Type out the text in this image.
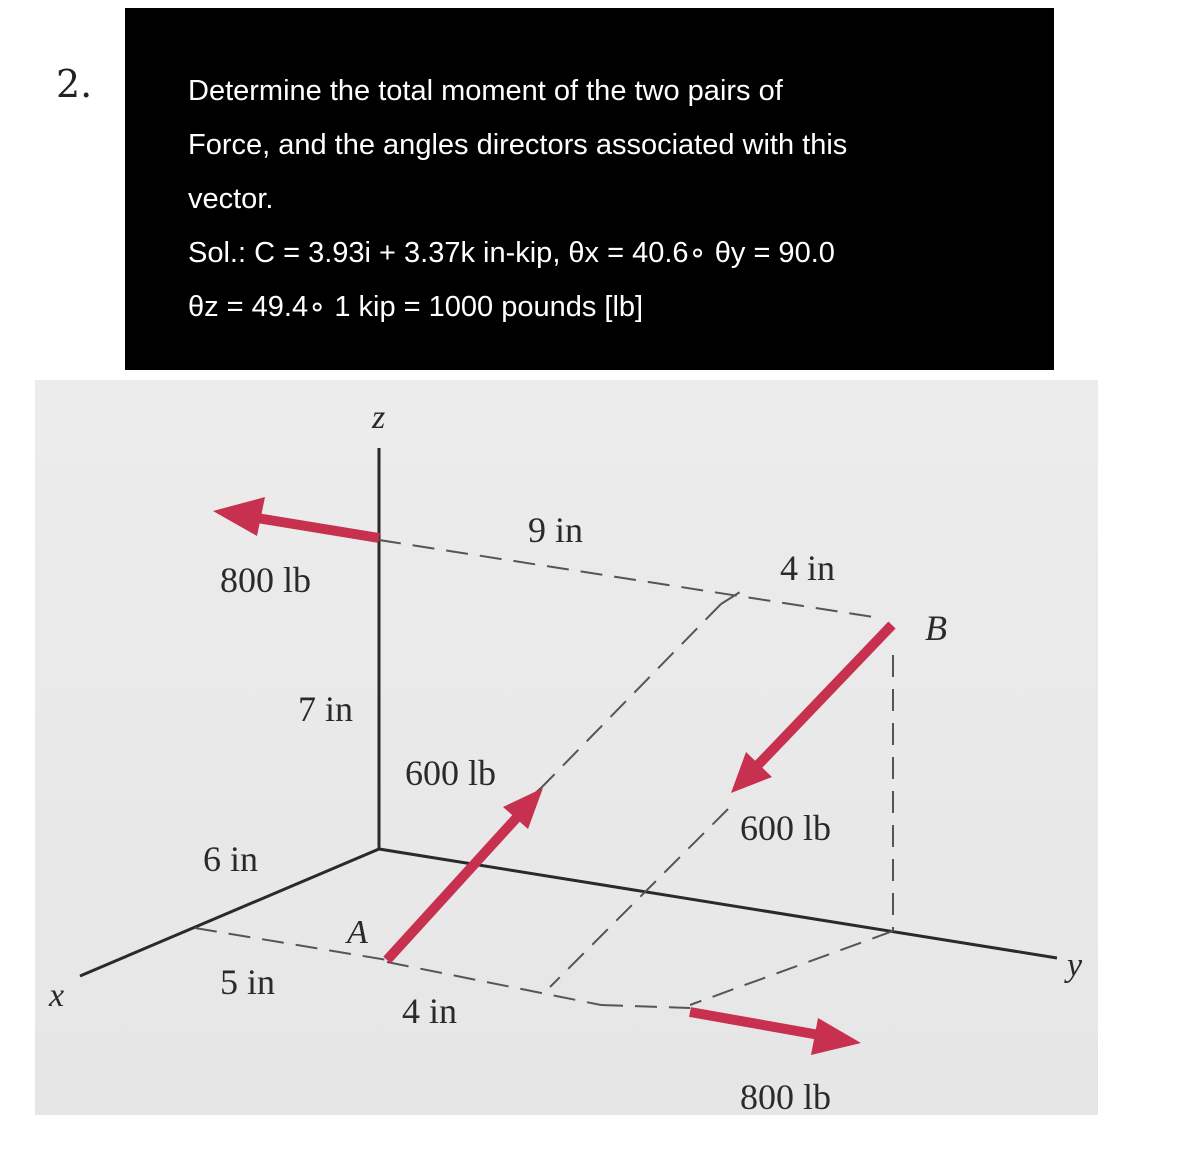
2.	Determine the total moment of the two pairs of
Force, and the angles directors associated with this
vector.
Sol.: C = 3.93i + 3.37k in-kip, θx = 40.6∘ θy = 90.0
θz = 49.4∘ 1 kip = 1000 pounds [lb]
z
x
y
A
B
9 in
4 in
7 in
6 in
5 in
4 in
800 lb
600 lb
600 lb
800 lb
